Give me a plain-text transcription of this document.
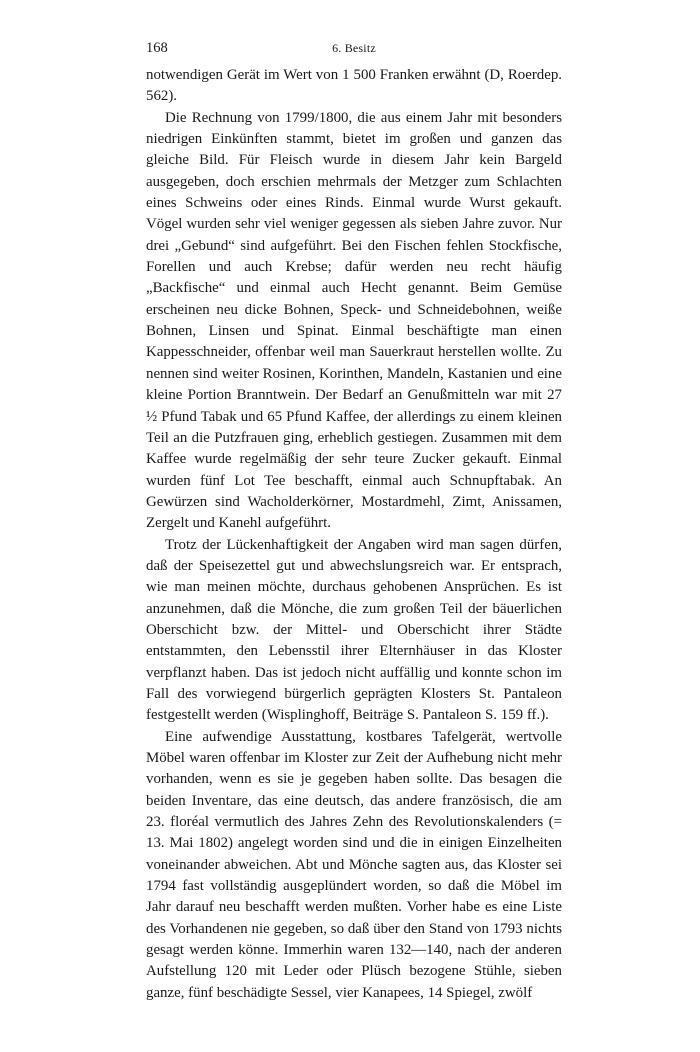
168	6. Besitz

notwendigen Gerät im Wert von 1 500 Franken erwähnt (D, Roerdep. 562).

Die Rechnung von 1799/1800, die aus einem Jahr mit besonders niedrigen Einkünften stammt, bietet im großen und ganzen das gleiche Bild. Für Fleisch wurde in diesem Jahr kein Bargeld ausgegeben, doch erschien mehrmals der Metzger zum Schlachten eines Schweins oder eines Rinds. Einmal wurde Wurst gekauft. Vögel wurden sehr viel weniger gegessen als sieben Jahre zuvor. Nur drei „Gebund“ sind aufgeführt. Bei den Fischen fehlen Stockfische, Forellen und auch Krebse; dafür werden neu recht häufig „Backfische“ und einmal auch Hecht genannt. Beim Gemüse erscheinen neu dicke Bohnen, Speck- und Schneidebohnen, weiße Bohnen, Linsen und Spinat. Einmal beschäftigte man einen Kappesschneider, offenbar weil man Sauerkraut herstellen wollte. Zu nennen sind weiter Rosinen, Korinthen, Mandeln, Kastanien und eine kleine Portion Branntwein. Der Bedarf an Genußmitteln war mit 27 ½ Pfund Tabak und 65 Pfund Kaffee, der allerdings zu einem kleinen Teil an die Putzfrauen ging, erheblich gestiegen. Zusammen mit dem Kaffee wurde regelmäßig der sehr teure Zucker gekauft. Einmal wurden fünf Lot Tee beschafft, einmal auch Schnupftabak. An Gewürzen sind Wacholderkörner, Mostardmehl, Zimt, Anissamen, Zergelt und Kanehl aufgeführt.

Trotz der Lückenhaftigkeit der Angaben wird man sagen dürfen, daß der Speisezettel gut und abwechslungsreich war. Er entsprach, wie man meinen möchte, durchaus gehobenen Ansprüchen. Es ist anzunehmen, daß die Mönche, die zum großen Teil der bäuerlichen Oberschicht bzw. der Mittel- und Oberschicht ihrer Städte entstammten, den Lebensstil ihrer Elternhäuser in das Kloster verpflanzt haben. Das ist jedoch nicht auffällig und konnte schon im Fall des vorwiegend bürgerlich geprägten Klosters St. Pantaleon festgestellt werden (Wisplinghoff, Beiträge S. Pantaleon S. 159 ff.).

Eine aufwendige Ausstattung, kostbares Tafelgerät, wertvolle Möbel waren offenbar im Kloster zur Zeit der Aufhebung nicht mehr vorhanden, wenn es sie je gegeben haben sollte. Das besagen die beiden Inventare, das eine deutsch, das andere französisch, die am 23. floréal vermutlich des Jahres Zehn des Revolutionskalenders (= 13. Mai 1802) angelegt worden sind und die in einigen Einzelheiten voneinander abweichen. Abt und Mönche sagten aus, das Kloster sei 1794 fast vollständig ausgeplündert worden, so daß die Möbel im Jahr darauf neu beschafft werden mußten. Vorher habe es eine Liste des Vorhandenen nie gegeben, so daß über den Stand von 1793 nichts gesagt werden könne. Immerhin waren 132—140, nach der anderen Aufstellung 120 mit Leder oder Plüsch bezogene Stühle, sieben ganze, fünf beschädigte Sessel, vier Kanapees, 14 Spiegel, zwölf
